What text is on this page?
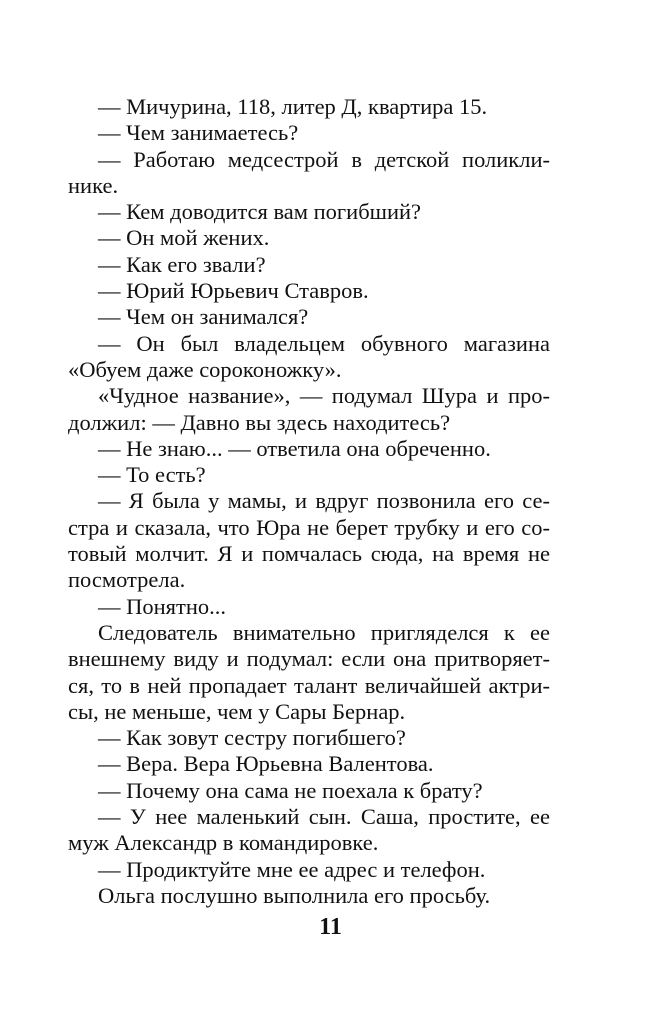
— Мичурина, 118, литер Д, квартира 15.
— Чем занимаетесь?
— Работаю медсестрой в детской поликли-
нике.
— Кем доводится вам погибший?
— Он мой жених.
— Как его звали?
— Юрий Юрьевич Ставров.
— Чем он занимался?
— Он был владельцем обувного магазина
«Обуем даже сороконожку».
«Чудное название», — подумал Шура и про-
должил: — Давно вы здесь находитесь?
— Не знаю... — ответила она обреченно.
— То есть?
— Я была у мамы, и вдруг позвонила его се-
стра и сказала, что Юра не берет трубку и его со-
товый молчит. Я и помчалась сюда, на время не
посмотрела.
— Понятно...
Следователь внимательно пригляделся к ее
внешнему виду и подумал: если она притворяет-
ся, то в ней пропадает талант величайшей актри-
сы, не меньше, чем у Сары Бернар.
— Как зовут сестру погибшего?
— Вера. Вера Юрьевна Валентова.
— Почему она сама не поехала к брату?
— У нее маленький сын. Саша, простите, ее
муж Александр в командировке.
— Продиктуйте мне ее адрес и телефон.
Ольга послушно выполнила его просьбу.
11
